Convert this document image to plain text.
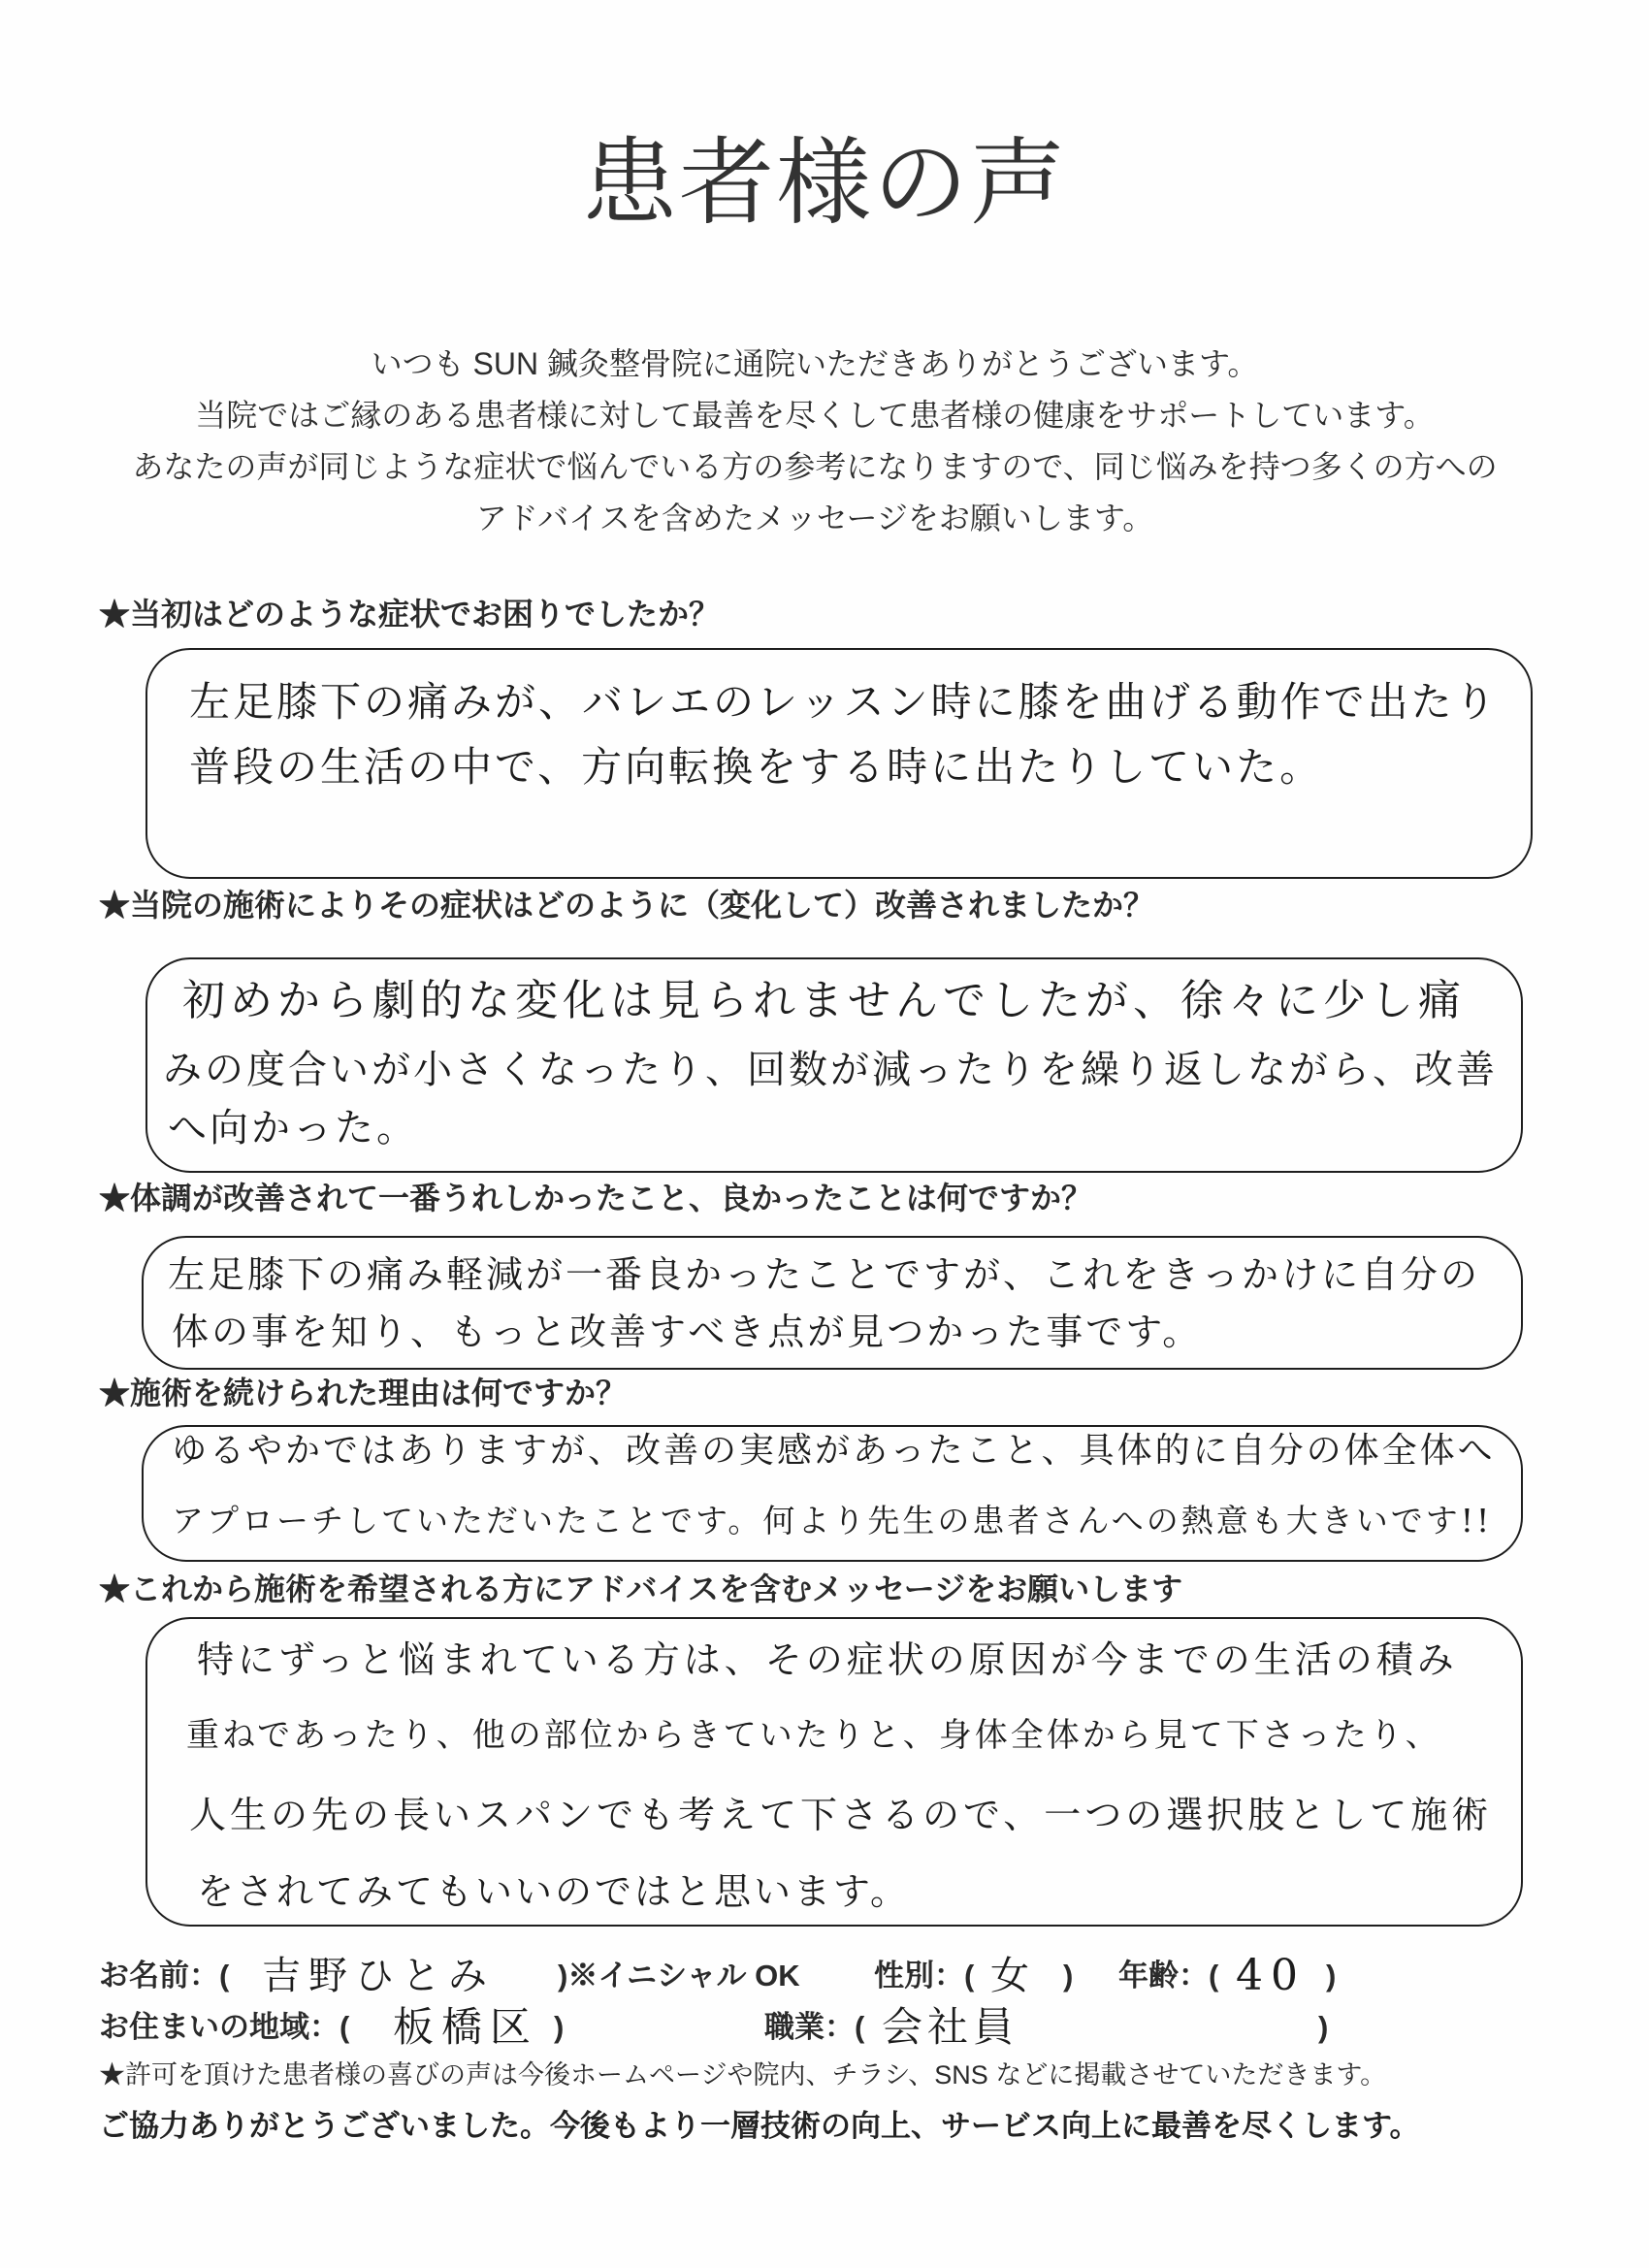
患者様の声
いつも SUN 鍼灸整骨院に通院いただきありがとうございます。
当院ではご縁のある患者様に対して最善を尽くして患者様の健康をサポートしています。
あなたの声が同じような症状で悩んでいる方の参考になりますので、同じ悩みを持つ多くの方への
アドバイスを含めたメッセージをお願いします。
★当初はどのような症状でお困りでしたか？
左足膝下の痛みが、バレエのレッスン時に膝を曲げる動作で出たり
普段の生活の中で、方向転換をする時に出たりしていた。
★当院の施術によりその症状はどのように（変化して）改善されましたか？
初めから劇的な変化は見られませんでしたが、徐々に少し痛
みの度合いが小さくなったり、回数が減ったりを繰り返しながら、改善
へ向かった。
★体調が改善されて一番うれしかったこと、良かったことは何ですか？
左足膝下の痛み軽減が一番良かったことですが、これをきっかけに自分の
体の事を知り、もっと改善すべき点が見つかった事です。
★施術を続けられた理由は何ですか？
ゆるやかではありますが、改善の実感があったこと、具体的に自分の体全体へ
アプローチしていただいたことです。何より先生の患者さんへの熱意も大きいです!!
★これから施術を希望される方にアドバイスを含むメッセージをお願いします
特にずっと悩まれている方は、その症状の原因が今までの生活の積み
重ねであったり、他の部位からきていたりと、身体全体から見て下さったり、
人生の先の長いスパンでも考えて下さるので、一つの選択肢として施術
をされてみてもいいのではと思います。
お名前：( 吉野ひとみ )※イニシャル OK 性別：( 女 ) 年齢：( 40 )
お住まいの地域：( 板橋区 )	職業：( 会社員	)
★許可を頂けた患者様の喜びの声は今後ホームページや院内、チラシ、SNS などに掲載させていただきます。
ご協力ありがとうございました。今後もより一層技術の向上、サービス向上に最善を尽くします。
